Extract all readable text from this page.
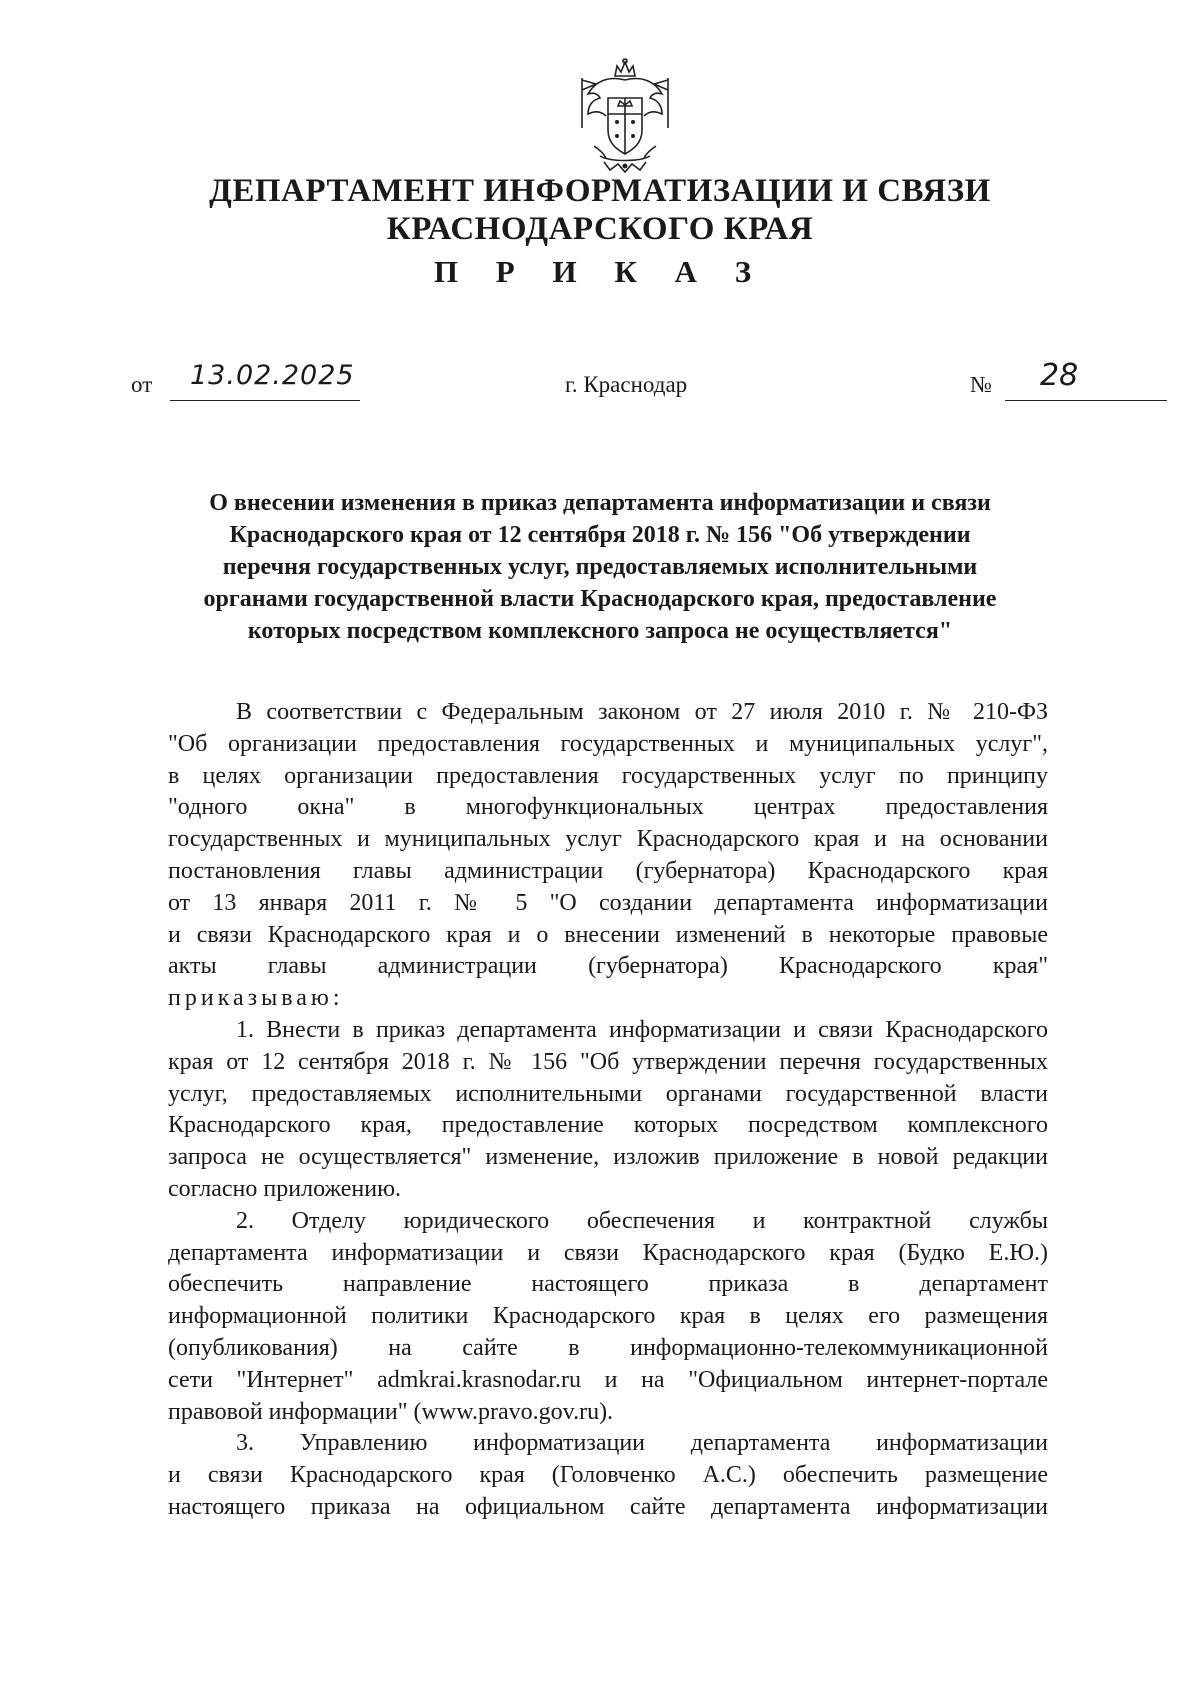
ДЕПАРТАМЕНТ ИНФОРМАТИЗАЦИИ И СВЯЗИ
КРАСНОДАРСКОГО КРАЯ
П Р И К А З
от 13.02.2025	г. Краснодар	№ 28
О внесении изменения в приказ департамента информатизации и связи
Краснодарского края от 12 сентября 2018 г. № 156 "Об утверждении
перечня государственных услуг, предоставляемых исполнительными
органами государственной власти Краснодарского края, предоставление
которых посредством комплексного запроса не осуществляется"
В соответствии с Федеральным законом от 27 июля 2010 г. № 210-ФЗ
"Об организации предоставления государственных и муниципальных услуг",
в целях организации предоставления государственных услуг по принципу
"одного окна" в многофункциональных центрах предоставления
государственных и муниципальных услуг Краснодарского края и на основании
постановления главы администрации (губернатора) Краснодарского края
от 13 января 2011 г. № 5 "О создании департамента информатизации
и связи Краснодарского края и о внесении изменений в некоторые правовые
акты главы администрации (губернатора) Краснодарского края"
приказываю:
1. Внести в приказ департамента информатизации и связи Краснодарского
края от 12 сентября 2018 г. № 156 "Об утверждении перечня государственных
услуг, предоставляемых исполнительными органами государственной власти
Краснодарского края, предоставление которых посредством комплексного
запроса не осуществляется" изменение, изложив приложение в новой редакции
согласно приложению.
2. Отделу юридического обеспечения и контрактной службы
департамента информатизации и связи Краснодарского края (Будко Е.Ю.)
обеспечить направление настоящего приказа в департамент
информационной политики Краснодарского края в целях его размещения
(опубликования) на сайте в информационно-телекоммуникационной
сети "Интернет" admkrai.krasnodar.ru и на "Официальном интернет-портале
правовой информации" (www.pravo.gov.ru).
3. Управлению информатизации департамента информатизации
и связи Краснодарского края (Головченко А.С.) обеспечить размещение
настоящего приказа на официальном сайте департамента информатизации
